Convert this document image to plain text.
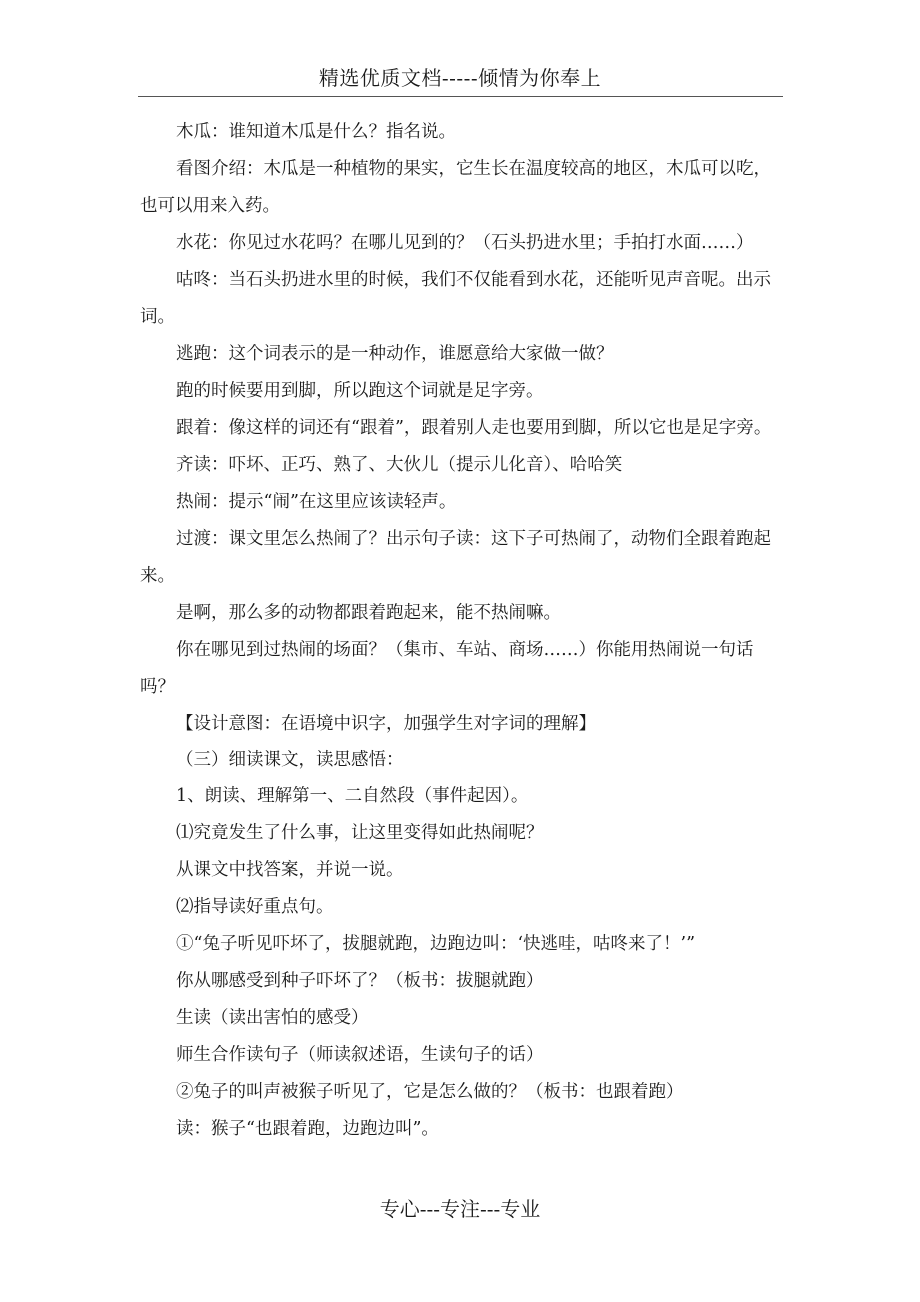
精选优质文档-----倾情为你奉上

木瓜：谁知道木瓜是什么？指名说。

看图介绍：木瓜是一种植物的果实，它生长在温度较高的地区，木瓜可以吃，也可以用来入药。

水花：你见过水花吗？在哪儿见到的？（石头扔进水里；手拍打水面……）

咕咚：当石头扔进水里的时候，我们不仅能看到水花，还能听见声音呢。出示词。

逃跑：这个词表示的是一种动作，谁愿意给大家做一做？

跑的时候要用到脚，所以跑这个词就是足字旁。

跟着：像这样的词还有“跟着”，跟着别人走也要用到脚，所以它也是足字旁。

齐读：吓坏、正巧、熟了、大伙儿（提示儿化音）、哈哈笑

热闹：提示“闹”在这里应该读轻声。

过渡：课文里怎么热闹了？出示句子读：这下子可热闹了，动物们全跟着跑起来。

是啊，那么多的动物都跟着跑起来，能不热闹嘛。

你在哪见到过热闹的场面？（集市、车站、商场……）你能用热闹说一句话吗？

【设计意图：在语境中识字，加强学生对字词的理解】

（三）细读课文，读思感悟：

1、朗读、理解第一、二自然段（事件起因）。

⑴究竟发生了什么事，让这里变得如此热闹呢？

从课文中找答案，并说一说。

⑵指导读好重点句。

①“兔子听见吓坏了，拔腿就跑，边跑边叫：‘快逃哇，咕咚来了！’”

你从哪感受到种子吓坏了？（板书：拔腿就跑）

生读（读出害怕的感受）

师生合作读句子（师读叙述语，生读句子的话）

②兔子的叫声被猴子听见了，它是怎么做的？（板书：也跟着跑）

读：猴子“也跟着跑，边跑边叫”。

专心---专注---专业
